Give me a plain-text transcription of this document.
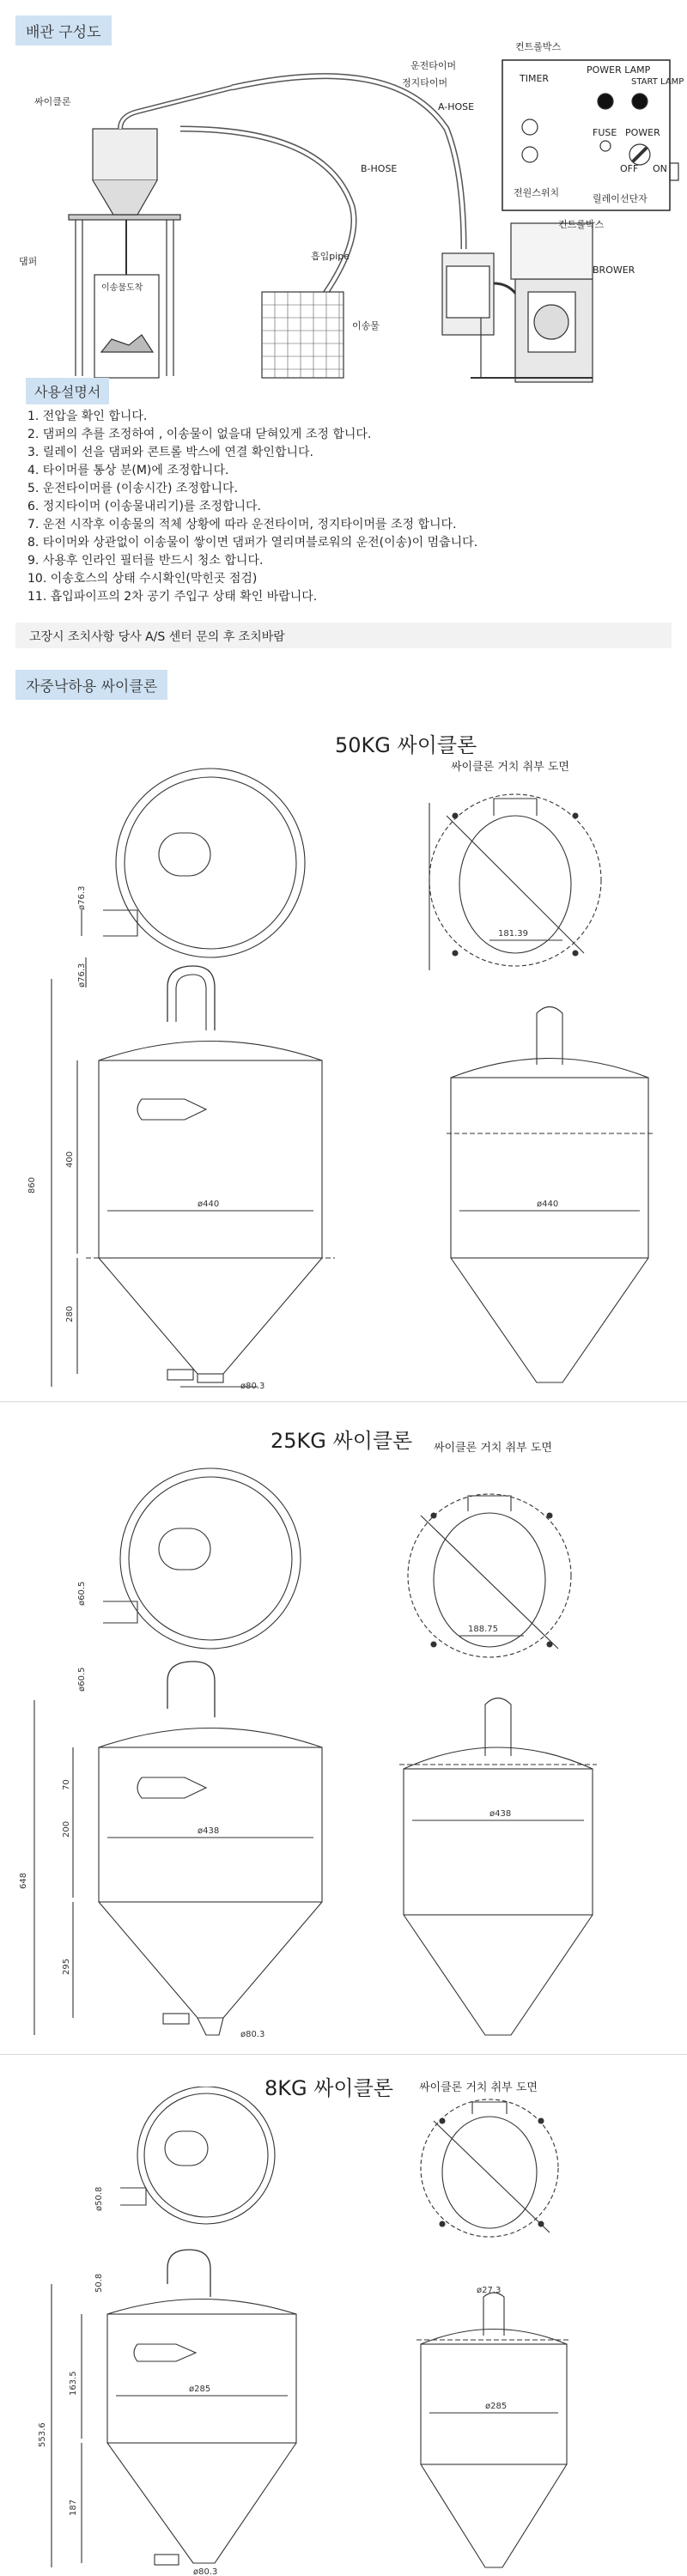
배관 구성도
싸이클론
댐퍼
이송물도착
운전타이머
정지타이머
A-HOSE
B-HOSE
흡입pipe
이송물
컨트롤박스
컨트롤박스
BROWER
릴레이선단자
전원스위치
TIMER
POWER LAMP
START LAMP
FUSE POWER
OFF ON
사용설명서
1. 전압을 확인 합니다.
2. 댐퍼의 추를 조정하여 , 이송물이 없을대 닫혀있게 조정 합니다.
3. 릴레이 선을 댐퍼와 콘트롤 박스에 연결 확인합니다.
4. 타이머를 통상 분(M)에 조정합니다.
5. 운전타이머를 (이송시간) 조정합니다.
6. 정지타이머 (이송물내리기)를 조정합니다.
7. 운전 시작후 이송물의 적체 상황에 따라 운전타이머, 정지타이머를 조정 합니다.
8. 타이머와 상관없이 이송물이 쌓이면 댐퍼가 열리며블로워의 운전(이송)이 멈춥니다.
9. 사용후 인라인 필터를 반드시 청소 합니다.
10. 이송호스의 상태 수시확인(막힌곳 점검)
11. 흡입파이프의 2차 공기 주입구 상태 확인 바랍니다.
고장시 조치사항 당사 A/S 센터 문의 후 조치바람
자중낙하용 싸이클론
50KG 싸이클론
싸이클론 거치 취부 도면
ø76.3
ø76.3
181.39
860
400
280
ø440	ø440
ø80.3
25KG 싸이클론 싸이클론 거치 취부 도면
ø60.5
ø60.5
188.75
648
70
200
295
ø438
ø438
ø80.3
8KG 싸이클론 싸이클론 거치 취부 도면
ø50.8
50.8	ø27.3
553.6
163.5
187
ø285
ø285
ø80.3
